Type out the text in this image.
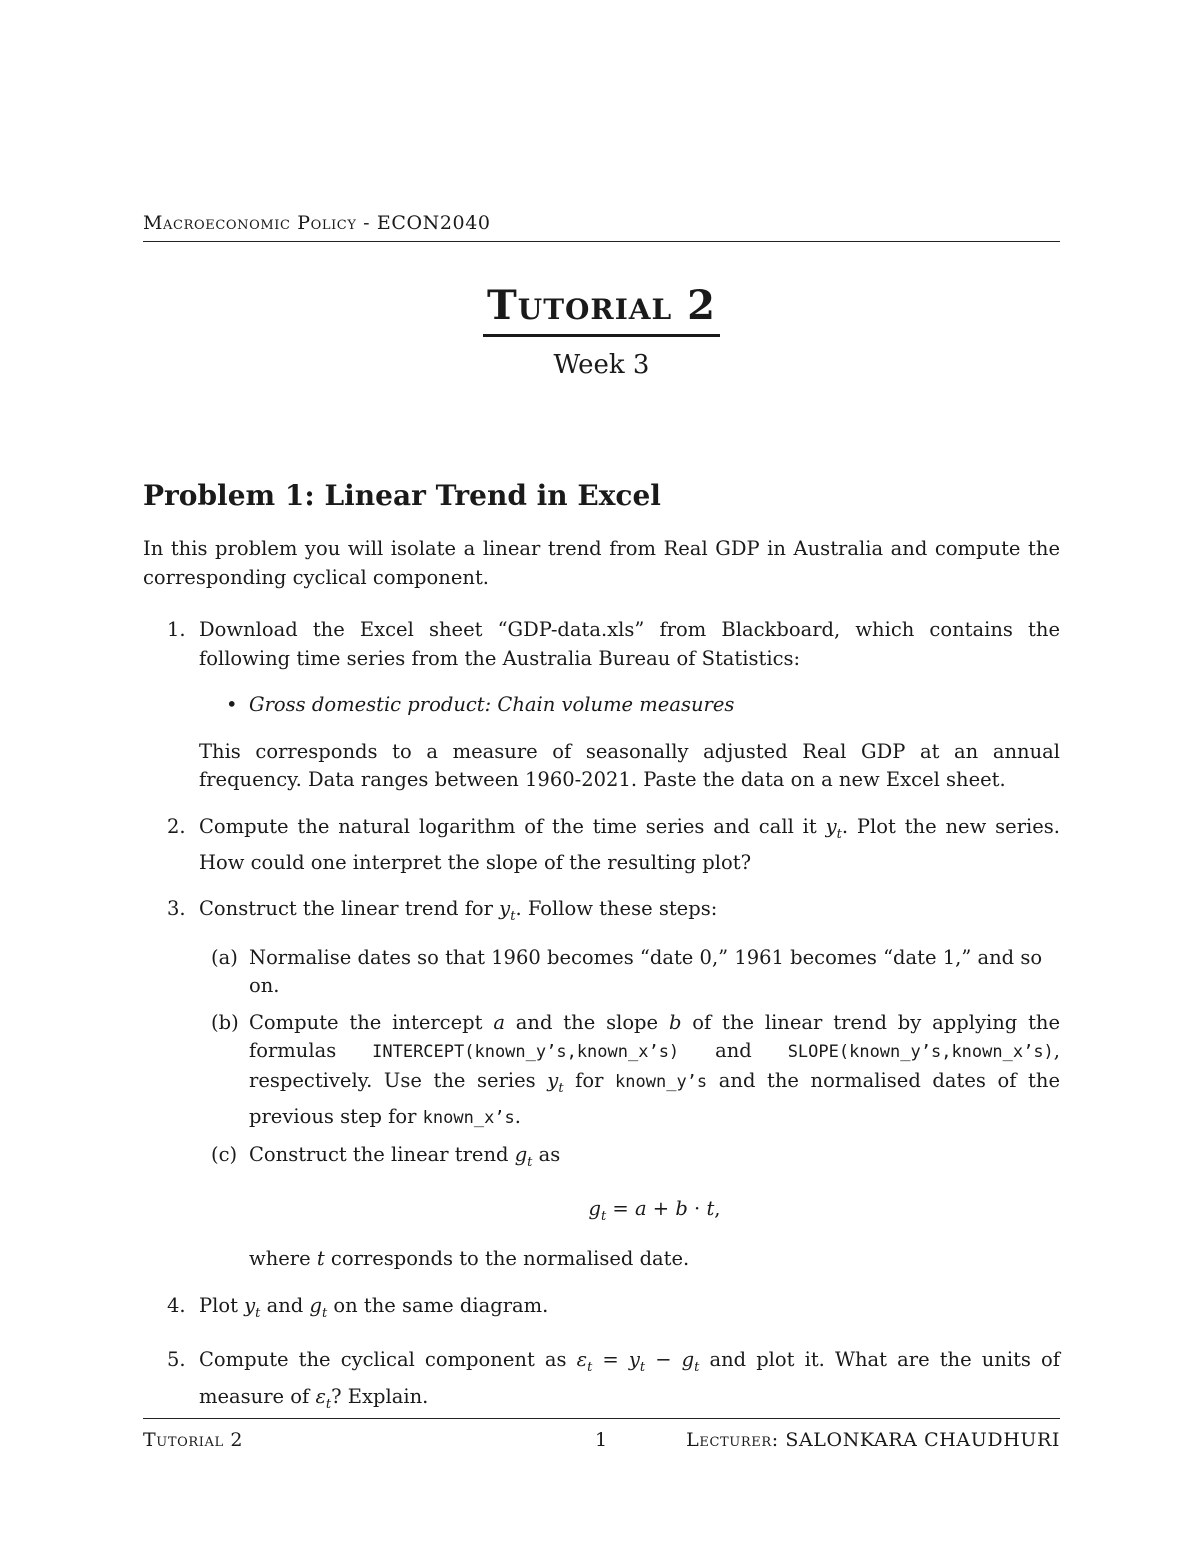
Macroeconomic Policy - ECON2040
Tutorial 2
Week 3
Problem 1: Linear Trend in Excel

In this problem you will isolate a linear trend from Real GDP in Australia and compute the corresponding cyclical component.

1. Download the Excel sheet “GDP-data.xls” from Blackboard, which contains the following time series from the Australia Bureau of Statistics:

• Gross domestic product: Chain volume measures

This corresponds to a measure of seasonally adjusted Real GDP at an annual frequency. Data ranges between 1960-2021. Paste the data on a new Excel sheet.

2. Compute the natural logarithm of the time series and call it $y_t$. Plot the new series. How could one interpret the slope of the resulting plot?

3. Construct the linear trend for $y_t$. Follow these steps:

(a) Normalise dates so that 1960 becomes “date 0,” 1961 becomes “date 1,” and so on.
(b) Compute the intercept a and the slope b of the linear trend by applying the formulas INTERCEPT(known_y’s,known_x’s) and SLOPE(known_y’s,known_x’s), respectively. Use the series $y_t$ for known_y’s and the normalised dates of the previous step for known_x’s.

(c) Construct the linear trend $g_t$ as
$g_t = a + b \cdot t$,
where t corresponds to the normalised date.
4. Plot $y_t$ and $g_t$ on the same diagram.

5. Compute the cyclical component as $\varepsilon_t = y_t - g_t$ and plot it. What are the units of measure of $\varepsilon_t$? Explain.

Tutorial 2	1	Lecturer: SALONKARA CHAUDHURI
